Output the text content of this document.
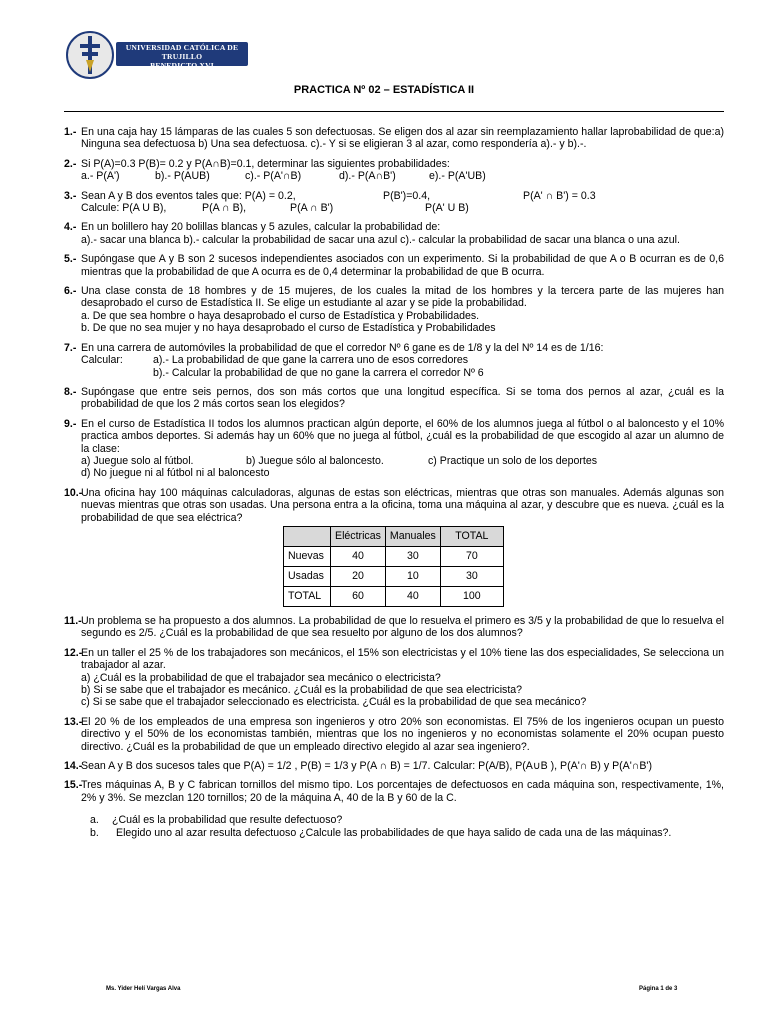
UNIVERSIDAD CATÓLICA DE TRUJILLO
BENEDICTO XVI
PRACTICA Nº 02 – ESTADÍSTICA II
1.- En una caja hay 15 lámparas de las cuales 5 son defectuosas. Se eligen dos al azar sin reemplazamiento hallar laprobabilidad de que:a) Ninguna sea defectuosa b) Una sea defectuosa. c).- Y si se eligieran 3 al azar, como respondería a).- y b).-.

2.- Si P(A)=0.3 P(B)= 0.2 y P(A∩B)=0.1, determinar las siguientes probabilidades:

a.- P(A')	b).- P(AUB)	c).- P(A'∩B)	d).- P(A∩B')	e).- P(A'UB)
3.- Sean A y B dos eventos tales que: P(A) = 0.2,	P(B')=0.4,	P(A' ∩ B') = 0.3
Calcule: P(A U B),	P(A ∩ B),	P(A ∩ B')	P(A' U B)
4.- En un bolillero hay 20 bolillas blancas y 5 azules, calcular la probabilidad de:

a).- sacar una blanca b).- calcular la probabilidad de sacar una azul c).- calcular la probabilidad de sacar una blanca o una azul.

5.- Supóngase que A y B son 2 sucesos independientes asociados con un experimento. Si la probabilidad de que A o B ocurran es de 0,6 mientras que la probabilidad de que A ocurra es de 0,4 determinar la probabilidad de que B ocurra.

6.- Una clase consta de 18 hombres y de 15 mujeres, de los cuales la mitad de los hombres y la tercera parte de las mujeres han desaprobado el curso de Estadística II. Se elige un estudiante al azar y se pide la probabilidad.

a. De que sea hombre o haya desaprobado el curso de Estadística y Probabilidades.

b. De que no sea mujer y no haya desaprobado el curso de Estadística y Probabilidades

7.- En una carrera de automóviles la probabilidad de que el corredor Nº 6 gane es de 1/8 y la del Nº 14 es de 1/16:

Calcular:	a).- La probabilidad de que gane la carrera uno de esos corredores
b).- Calcular la probabilidad de que no gane la carrera el corredor Nº 6
8.- Supóngase que entre seis pernos, dos son más cortos que una longitud específica. Si se toma dos pernos al azar, ¿cuál es la probabilidad de que los 2 más cortos sean los elegidos?

9.- En el curso de Estadística II todos los alumnos practican algún deporte, el 60% de los alumnos juega al fútbol o al baloncesto y el 10% practica ambos deportes. Si además hay un 60% que no juega al fútbol, ¿cuál es la probabilidad de que escogido al azar un alumno de la clase:

a) Juegue solo al fútbol.	b) Juegue sólo al baloncesto.	c) Practique un solo de los deportes

d) No juegue ni al fútbol ni al baloncesto

10.-

Una oficina hay 100 máquinas calculadoras, algunas de estas son eléctricas, mientras que otras son manuales. Además algunas son nuevas mientras que otras son usadas. Una persona entra a la oficina, toma una máquina al azar, y descubre que es nueva. ¿cuál es la probabilidad de que sea eléctrica?

	Eléctricas	Manuales	TOTAL
Nuevas	40	30	70
Usadas	20	10	30
TOTAL	60	40	100
11.- Un problema se ha propuesto a dos alumnos. La probabilidad de que lo resuelva el primero es 3/5 y la probabilidad de que lo resuelva el segundo es 2/5. ¿Cuál es la probabilidad de que sea resuelto por alguno de los dos alumnos?

12.-

En un taller el 25 % de los trabajadores son mecánicos, el 15% son electricistas y el 10% tiene las dos especialidades, Se selecciona un trabajador al azar.

a) ¿Cuál es la probabilidad de que el trabajador sea mecánico o electricista?

b) Si se sabe que el trabajador es mecánico. ¿Cuál es la probabilidad de que sea electricista?

c) Si se sabe que el trabajador seleccionado es electricista. ¿Cuál es la probabilidad de que sea mecánico?

13.-

El 20 % de los empleados de una empresa son ingenieros y otro 20% son economistas. El 75% de los ingenieros ocupan un puesto directivo y el 50% de los economistas también, mientras que los no ingenieros y no economistas solamente el 20% ocupan puesto directivo. ¿Cuál es la probabilidad de que un empleado directivo elegido al azar sea ingeniero?.

14.-

Sean A y B dos sucesos tales que P(A) = 1/2 , P(B) = 1/3 y P(A ∩ B) = 1/7. Calcular: P(A/B), P(A∪B ), P(A'∩ B) y P(A'∩B')

15.-

Tres máquinas A, B y C fabrican tornillos del mismo tipo. Los porcentajes de defectuosos en cada máquina son, respectivamente, 1%, 2% y 3%. Se mezclan 120 tornillos; 20 de la máquina A, 40 de la B y 60 de la C.

a.	¿Cuál es la probabilidad que resulte defectuoso?
b.	Elegido uno al azar resulta defectuoso ¿Calcule las probabilidades de que haya salido de cada una de las máquinas?.
Ms. Yider Helí Vargas Alva	Página 1 de 3
